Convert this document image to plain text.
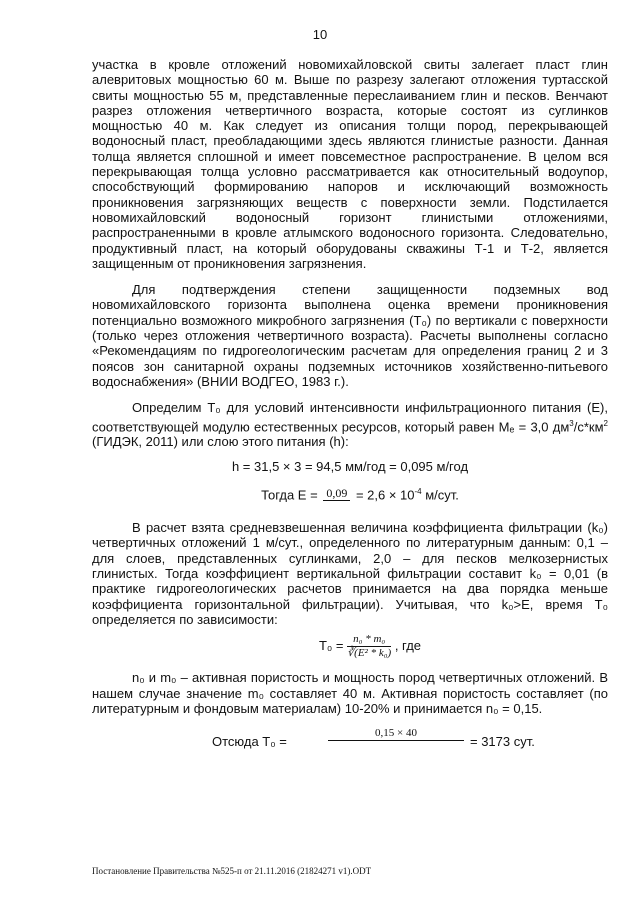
10

участка в кровле отложений новомихайловской свиты залегает пласт глин алевритовых мощностью 60 м. Выше по разрезу залегают отложения туртасской свиты мощностью 55 м, представленные переслаиванием глин и песков. Венчают разрез отложения четвертичного возраста, которые состоят из суглинков мощностью 40 м. Как следует из описания толщи пород, перекрывающей водоносный пласт, преобладающими здесь являются глинистые разности. Данная толща является сплошной и имеет повсеместное распространение. В целом вся перекрывающая толща условно рассматривается как относительный водоупор, способствующий формированию напоров и исключающий возможность проникновения загрязняющих веществ с поверхности земли. Подстилается новомихайловский водоносный горизонт глинистыми отложениями, распространенными в кровле атлымского водоносного горизонта. Следовательно, продуктивный пласт, на который оборудованы скважины Т-1 и Т-2, является защищенным от проникновения загрязнения.

Для подтверждения степени защищенности подземных вод новомихайловского горизонта выполнена оценка времени проникновения потенциально возможного микробного загрязнения (Т₀) по вертикали с поверхности (только через отложения четвертичного возраста). Расчеты выполнены согласно «Рекомендациям по гидрогеологическим расчетам для определения границ 2 и 3 поясов зон санитарной охраны подземных источников хозяйственно-питьевого водоснабжения» (ВНИИ ВОДГЕО, 1983 г.).

Определим Т₀ для условий интенсивности инфильтрационного питания (Е), соответствующей модулю естественных ресурсов, который равен Мₑ = 3,0 $дм^3/с*км^2$ (ГИДЭК, 2011) или слою этого питания (h):

h = 31,5 × 3 = 94,5 мм/год = 0,095 м/год

Тогда $Е = 0,09 = 2,6 \times 10^{-4}$ м/сут.

В расчет взята средневзвешенная величина коэффициента фильтрации (k₀) четвертичных отложений 1 м/сут., определенного по литературным данным: 0,1 – для слоев, представленных суглинками, 2,0 – для песков мелкозернистых глинистых. Тогда коэффициент вертикальной фильтрации составит k₀ = 0,01 (в практике гидрогеологических расчетов принимается на два порядка меньше коэффициента горизонтальной фильтрации). Учитывая, что k₀>E, время Т₀ определяется по зависимости:

$Т_0 = \frac{\text{n₀ * m₀}}{\text{∛(E² * k₀)}}$ , где

n₀ и m₀ – активная пористость и мощность пород четвертичных отложений. В нашем случае значение m₀ составляет 40 м. Активная пористость составляет (по литературным и фондовым материалам) 10-20% и принимается n₀ = 0,15.

Отсюда Т₀ =
0,15 × 40
= 3173 сут.
Постановление Правительства №525-п от 21.11.2016 (21824271 v1).ODT
